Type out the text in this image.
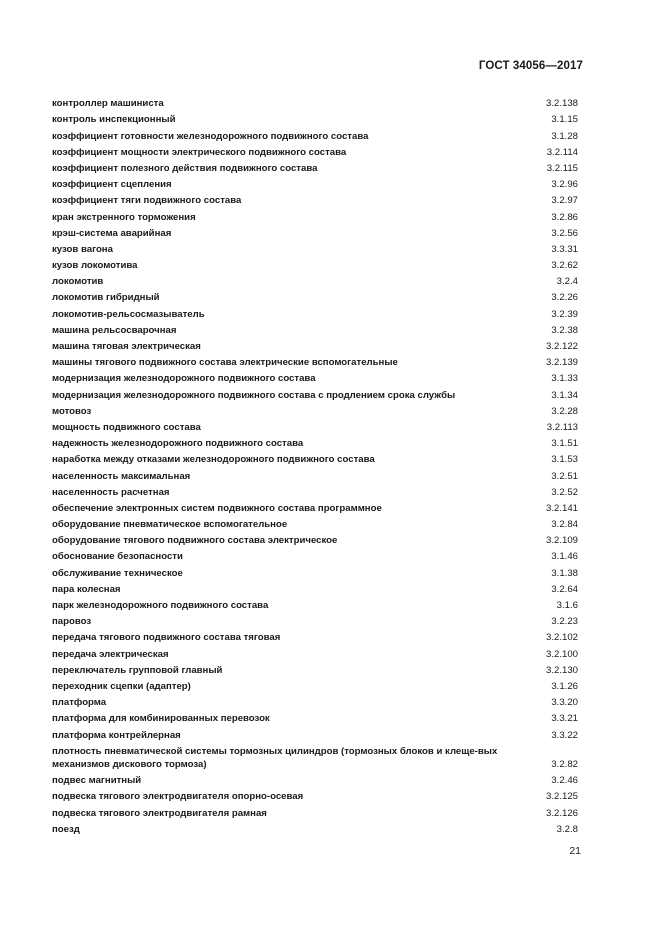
ГОСТ 34056—2017
контроллер машиниста	3.2.138
контроль инспекционный	3.1.15
коэффициент готовности железнодорожного подвижного состава	3.1.28
коэффициент мощности электрического подвижного состава	3.2.114
коэффициент полезного действия подвижного состава	3.2.115
коэффициент сцепления	3.2.96
коэффициент тяги подвижного состава	3.2.97
кран экстренного торможения	3.2.86
крэш-система аварийная	3.2.56
кузов вагона	3.3.31
кузов локомотива	3.2.62
локомотив	3.2.4
локомотив гибридный	3.2.26
локомотив-рельсосмазыватель	3.2.39
машина рельсосварочная	3.2.38
машина тяговая электрическая	3.2.122
машины тягового подвижного состава электрические вспомогательные	3.2.139
модернизация железнодорожного подвижного состава	3.1.33
модернизация железнодорожного подвижного состава с продлением срока службы	3.1.34
мотовоз	3.2.28
мощность подвижного состава	3.2.113
надежность железнодорожного подвижного состава	3.1.51
наработка между отказами железнодорожного подвижного состава	3.1.53
населенность максимальная	3.2.51
населенность расчетная	3.2.52
обеспечение электронных систем подвижного состава программное	3.2.141
оборудование пневматическое вспомогательное	3.2.84
оборудование тягового подвижного состава электрическое	3.2.109
обоснование безопасности	3.1.46
обслуживание техническое	3.1.38
пара колесная	3.2.64
парк железнодорожного подвижного состава	3.1.6
паровоз	3.2.23
передача тягового подвижного состава тяговая	3.2.102
передача электрическая	3.2.100
переключатель групповой главный	3.2.130
переходник сцепки (адаптер)	3.1.26
платформа	3.3.20
платформа для комбинированных перевозок	3.3.21
платформа контрейлерная	3.3.22
плотность пневматической системы тормозных цилиндров (тормозных блоков и клеще-вых механизмов дискового тормоза)	3.2.82
подвес магнитный	3.2.46
подвеска тягового электродвигателя опорно-осевая	3.2.125
подвеска тягового электродвигателя рамная	3.2.126
поезд	3.2.8
21
